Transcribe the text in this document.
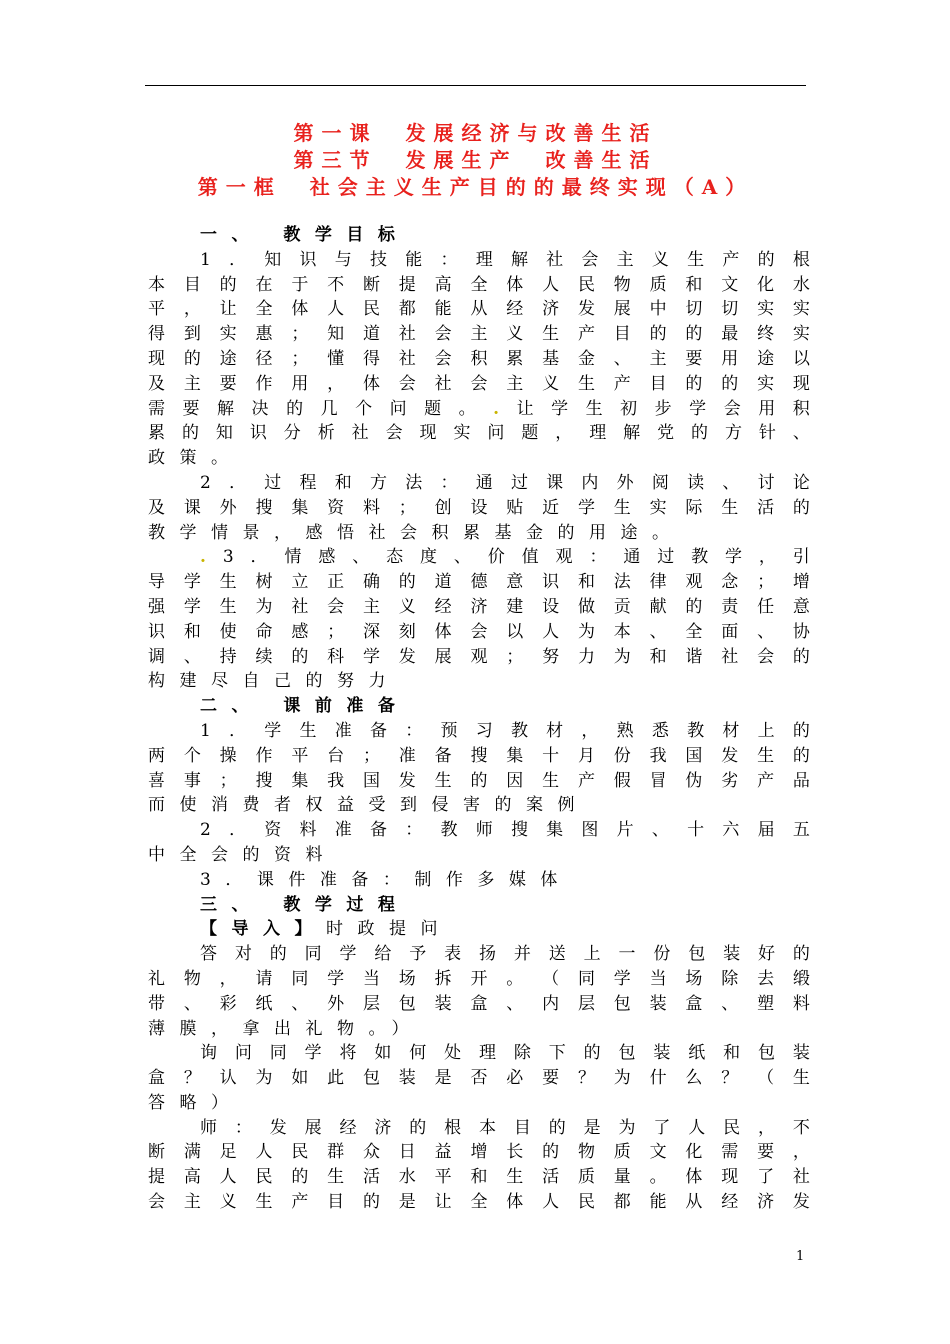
第一课　发展经济与改善生活
第三节　发展生产　改善生活
第一框　社会主义生产目的的最终实现（A）
一、 教学目标
1 ． 知 识 与 技 能 ： 理 解 社 会 主 义 生 产 的 根
本 目 的 在 于 不 断 提 高 全 体 人 民 物 质 和 文 化 水
平 ， 让 全 体 人 民 都 能 从 经 济 发 展 中 切 切 实 实
得 到 实 惠 ； 知 道 社 会 主 义 生 产 目 的 的 最 终 实
现 的 途 径 ； 懂 得 社 会 积 累 基 金 、 主 要 用 途 以
及 主 要 作 用 ， 体 会 社 会 主 义 生 产 目 的 的 实 现
需 要 解 决 的 几 个 问 题 。 . 让 学 生 初 步 学 会 用 积
累 的 知 识 分 析 社 会 现 实 问 题 ， 理 解 党 的 方 针 、
政策。
2 ． 过 程 和 方 法 ： 通 过 课 内 外 阅 读 、 讨 论
及 课 外 搜 集 资 料 ； 创 设 贴 近 学 生 实 际 生 活 的
教学情景，感悟社会积累基金的用途。
. 3 ． 情 感 、 态 度 、 价 值 观 ： 通 过 教 学 ， 引
导 学 生 树 立 正 确 的 道 德 意 识 和 法 律 观 念 ； 增
强 学 生 为 社 会 主 义 经 济 建 设 做 贡 献 的 责 任 意
识 和 使 命 感 ； 深 刻 体 会 以 人 为 本 、 全 面 、 协
调 、 持 续 的 科 学 发 展 观 ； 努 力 为 和 谐 社 会 的
构建尽自己的努力
二、 课前准备
1 ． 学 生 准 备 ： 预 习 教 材 ， 熟 悉 教 材 上 的
两 个 操 作 平 台 ； 准 备 搜 集 十 月 份 我 国 发 生 的
喜 事 ； 搜 集 我 国 发 生 的 因 生 产 假 冒 伪 劣 产 品
而使消费者权益受到侵害的案例
2 ． 资 料 准 备 ： 教 师 搜 集 图 片 、 十 六 届 五
中全会的资料
3．课件准备：制作多媒体
三、 教学过程
【导入】时政提问
答 对 的 同 学 给 予 表 扬 并 送 上 一 份 包 装 好 的
礼 物 ， 请 同 学 当 场 拆 开 。 （ 同 学 当 场 除 去 缎
带 、 彩 纸 、 外 层 包 装 盒 、 内 层 包 装 盒 、 塑 料
薄膜，拿出礼物。）
询 问 同 学 将 如 何 处 理 除 下 的 包 装 纸 和 包 装
盒 ？ 认 为 如 此 包 装 是 否 必 要 ？ 为 什 么 ？ （ 生
答略）
师 ： 发 展 经 济 的 根 本 目 的 是 为 了 人 民 ， 不
断 满 足 人 民 群 众 日 益 增 长 的 物 质 文 化 需 要 ，
提 高 人 民 的 生 活 水 平 和 生 活 质 量 。 体 现 了 社
会 主 义 生 产 目 的 是 让 全 体 人 民 都 能 从 经 济 发
1
